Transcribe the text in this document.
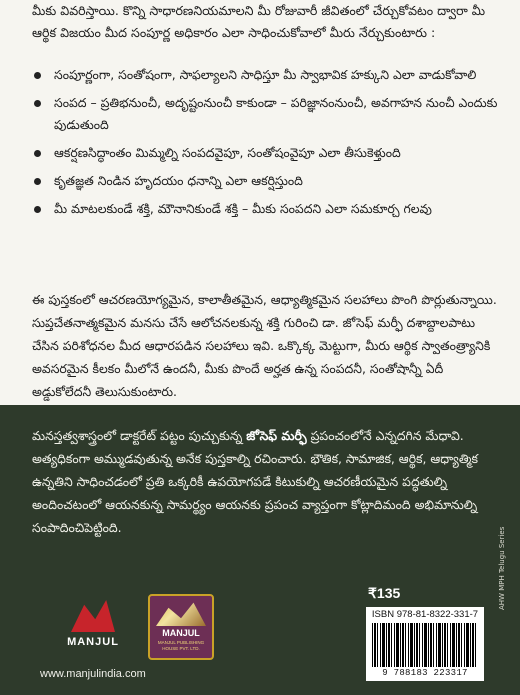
మీకు వివరిస్తాయి. కొన్ని సాధారణనియమాలని మీ రోజువారీ జీవితంలో చేర్చుకోవటం ద్వారా మీ ఆర్థిక విజయం మీద సంపూర్ణ అధికారం ఎలా సాధించుకోవాలో మీరు నేర్చుకుంటారు :
సంపూర్ణంగా, సంతోషంగా, సాఫల్యాలని సాధిస్తూ మీ స్వాభావిక హక్కుని ఎలా వాడుకోవాలి
సంపద – ప్రతిభనుంచీ, అదృష్టంనుంచీ కాకుండా – పరిజ్ఞానంనుంచీ, అవగాహన నుంచీ ఎందుకు పుడుతుంది
ఆకర్షణసిద్ధాంతం మిమ్మల్ని సంపదవైపూ, సంతోషంవైపూ ఎలా తీసుకెళ్తుంది
కృతజ్ఞత నిండిన హృదయం ధనాన్ని ఎలా ఆకర్షిస్తుంది
మీ మాటలకుండే శక్తి, మౌనానికుండే శక్తి – మీకు సంపదని ఎలా సమకూర్చ గలవు
ఈ పుస్తకంలో ఆచరణయోగ్యమైన, కాలాతీతమైన, ఆధ్యాత్మికమైన సలహాలు పొంగి పొర్లుతున్నాయి. సుప్తచేతనాత్మకమైన మనసు చేసే ఆలోచనలకున్న శక్తి గురించి డా. జోసెఫ్ మర్ఫీ దశాబ్దాలపాటు చేసిన పరిశోధనల మీద ఆధారపడిన సలహాలు ఇవి. ఒక్కొక్క మెట్టుగా, మీరు ఆర్థిక స్వాతంత్ర్యానికి అవసరమైన కీలకం మీలోనే ఉందనీ, మీకు పొందే అర్హత ఉన్న సంపదనీ, సంతోషాన్నీ ఏదీ అడ్డుకోలేదనీ తెలుసుకుంటారు.
మనస్తత్వశాస్త్రంలో డాక్టరేట్ పట్టం పుచ్చుకున్న జోసెఫ్ మర్ఫీ ప్రపంచంలోనే ఎన్నదగిన మేధావి. అత్యధికంగా అమ్ముడవుతున్న అనేక పుస్తకాల్ని రచించారు. భౌతిక, సామాజిక, ఆర్థిక, ఆధ్యాత్మిక ఉన్నతిని సాధించడంలో ప్రతి ఒక్కరికీ ఉపయోగపడే కిటుకుల్ని ఆచరణీయమైన పద్ధతుల్ని అందించటంలో ఆయనకున్న సామర్థ్యం ఆయనకు ప్రపంచ వ్యాప్తంగా కోట్లాదిమంది అభిమానుల్ని సంపాదించిపెట్టింది.	AHW MPH Telugu Series
MANJUL
www.manjulindia.com
MANJUL
MANJUL PUBLISHING HOUSE PVT. LTD.
₹135
ISBN 978-81-8322-331-7
9 788183 223317
